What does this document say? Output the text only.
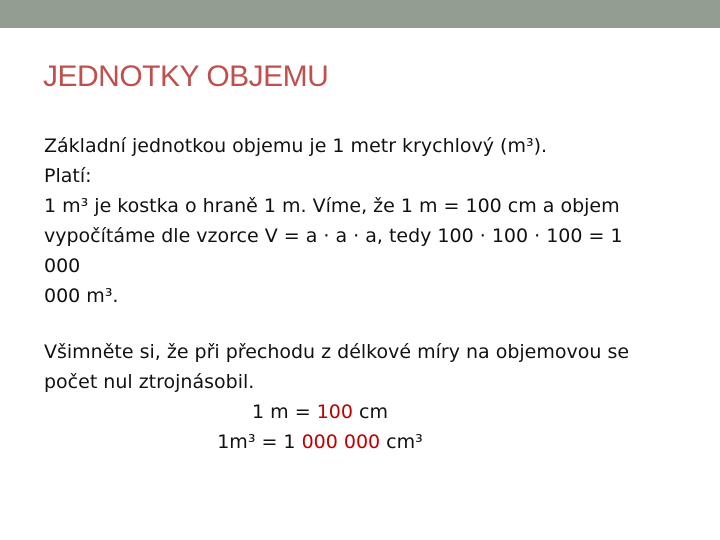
JEDNOTKY OBJEMU

Základní jednotkou objemu je 1 metr krychlový (m³).

Platí:

1 m³ je kostka o hraně 1 m. Víme, že 1 m = 100 cm a objem

vypočítáme dle vzorce V = a · a · a, tedy 100 · 100 · 100 = 1 000

000 m³.

Všimněte si, že při přechodu z délkové míry na objemovou se

počet nul ztrojnásobil.

1 m = 100 cm

1m³ = 1 000 000 cm³
